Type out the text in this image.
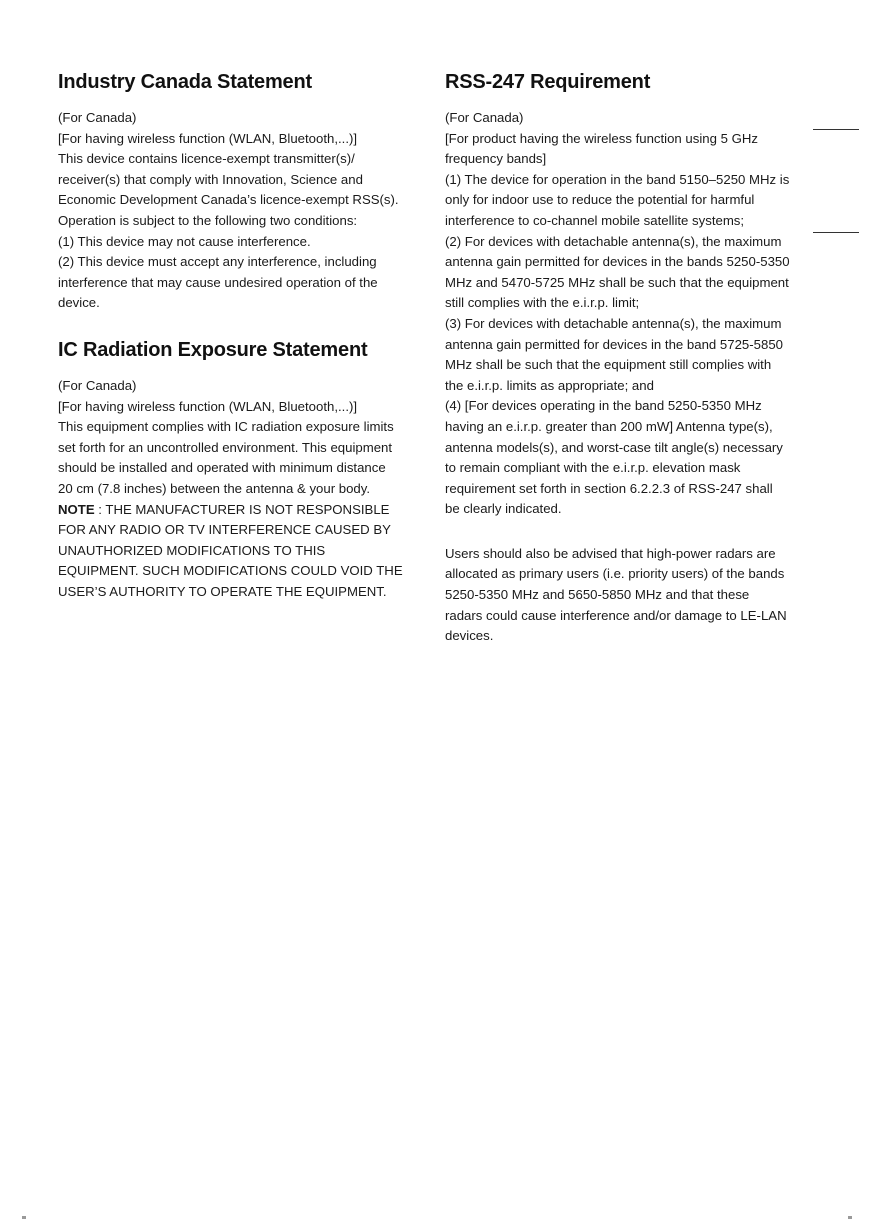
Industry Canada Statement

(For Canada)

[For having wireless function (WLAN, Bluetooth,...)]

This device contains licence-exempt transmitter(s)/ receiver(s) that comply with Innovation, Science and Economic Development Canada’s licence-exempt RSS(s). Operation is subject to the following two conditions:

(1) This device may not cause interference.

(2) This device must accept any interference, including interference that may cause undesired operation of the device.

IC Radiation Exposure Statement

(For Canada)

[For having wireless function (WLAN, Bluetooth,...)]

This equipment complies with IC radiation exposure limits set forth for an uncontrolled environment. This equipment should be installed and operated with minimum distance 20 cm (7.8 inches) between the antenna & your body.

NOTE : THE MANUFACTURER IS NOT RESPONSIBLE FOR ANY RADIO OR TV INTERFERENCE CAUSED BY UNAUTHORIZED MODIFICATIONS TO THIS EQUIPMENT. SUCH MODIFICATIONS COULD VOID THE USER’S AUTHORITY TO OPERATE THE EQUIPMENT.

RSS-247 Requirement

(For Canada)

[For product having the wireless function using 5 GHz frequency bands]

(1) The device for operation in the band 5150–5250 MHz is only for indoor use to reduce the potential for harmful interference to co-channel mobile satellite systems;

(2) For devices with detachable antenna(s), the maximum antenna gain permitted for devices in the bands 5250-5350 MHz and 5470-5725 MHz shall be such that the equipment still complies with the e.i.r.p. limit;

(3) For devices with detachable antenna(s), the maximum antenna gain permitted for devices in the band 5725-5850 MHz shall be such that the equipment still complies with the e.i.r.p. limits as appropriate; and

(4) [For devices operating in the band 5250-5350 MHz having an e.i.r.p. greater than 200 mW] Antenna type(s), antenna models(s), and worst-case tilt angle(s) necessary to remain compliant with the e.i.r.p. elevation mask requirement set forth in section 6.2.2.3 of RSS-247 shall be clearly indicated.

Users should also be advised that high-power radars are allocated as primary users (i.e. priority users) of the bands 5250-5350 MHz and 5650-5850 MHz and that these radars could cause interference and/or damage to LE-LAN devices.
